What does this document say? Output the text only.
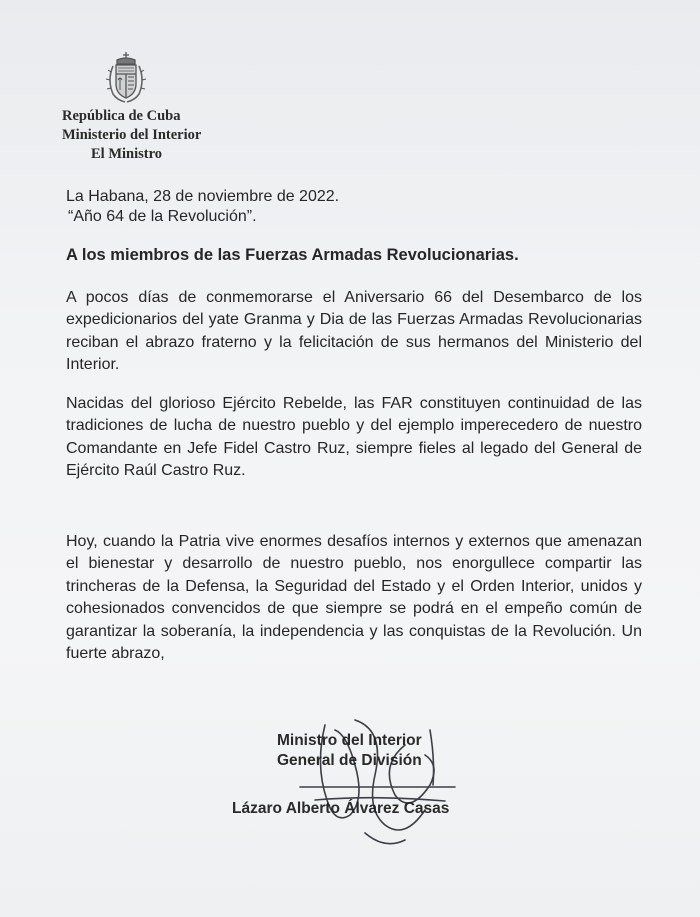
República de Cuba
Ministerio del Interior
El Ministro
La Habana, 28 de noviembre de 2022.
“Año 64 de la Revolución”.
A los miembros de las Fuerzas Armadas Revolucionarias.
A pocos días de conmemorarse el Aniversario 66 del Desembarco de los expedicionarios del yate Granma y Dia de las Fuerzas Armadas Revolucionarias reciban el abrazo fraterno y la felicitación de sus hermanos del Ministerio del Interior.
Nacidas del glorioso Ejército Rebelde, las FAR constituyen continuidad de las tradiciones de lucha de nuestro pueblo y del ejemplo imperecedero de nuestro Comandante en Jefe Fidel Castro Ruz, siempre fieles al legado del General de Ejército Raúl Castro Ruz.
Hoy, cuando la Patria vive enormes desafíos internos y externos que amenazan el bienestar y desarrollo de nuestro pueblo, nos enorgullece compartir las trincheras de la Defensa, la Seguridad del Estado y el Orden Interior, unidos y cohesionados convencidos de que siempre se podrá en el empeño común de garantizar la soberanía, la independencia y las conquistas de la Revolución. Un fuerte abrazo,
Ministro del Interior
General de División
Lázaro Alberto Álvarez Casas
